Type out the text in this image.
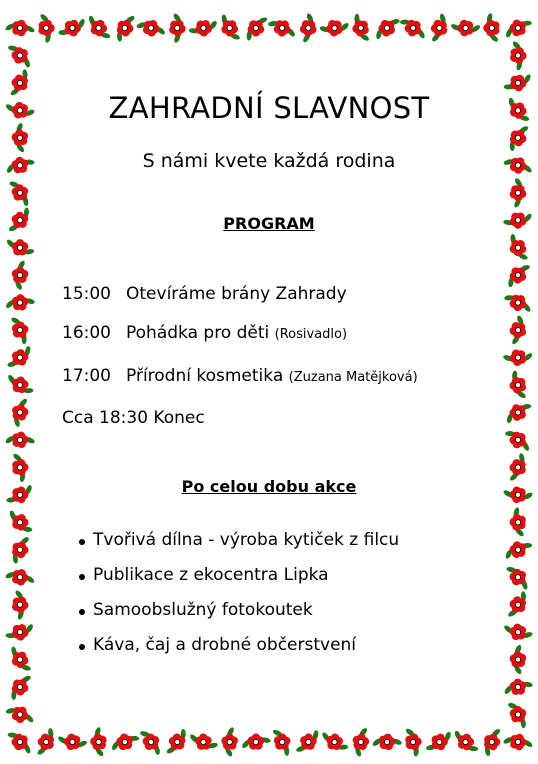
ZAHRADNÍ SLAVNOST
S námi kvete každá rodina
PROGRAM
15:00 Otevíráme brány Zahrady
16:00 Pohádka pro děti (Rosivadlo)
17:00 Přírodní kosmetika (Zuzana Matějková)
Cca 18:30 Konec
Po celou dobu akce
Tvořivá dílna - výroba kytiček z filcu
Publikace z ekocentra Lipka
Samoobslužný fotokoutek
Káva, čaj a drobné občerstvení
